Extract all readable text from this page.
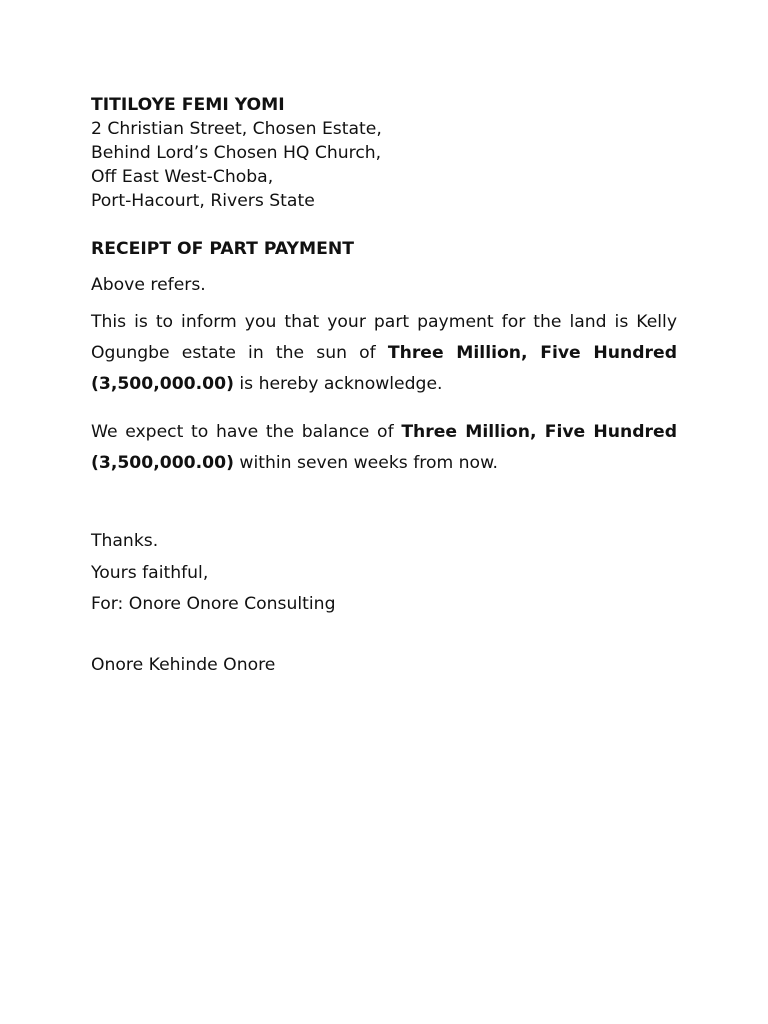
TITILOYE FEMI YOMI
2 Christian Street, Chosen Estate,
Behind Lord’s Chosen HQ Church,
Off East West-Choba,
Port-Hacourt, Rivers State
RECEIPT OF PART PAYMENT
Above refers.
This is to inform you that your part payment for the land is Kelly Ogungbe estate in the sun of Three Million, Five Hundred (3,500,000.00) is hereby acknowledge.
We expect to have the balance of Three Million, Five Hundred (3,500,000.00) within seven weeks from now.
Thanks.
Yours faithful,
For: Onore Onore Consulting
Onore Kehinde Onore
